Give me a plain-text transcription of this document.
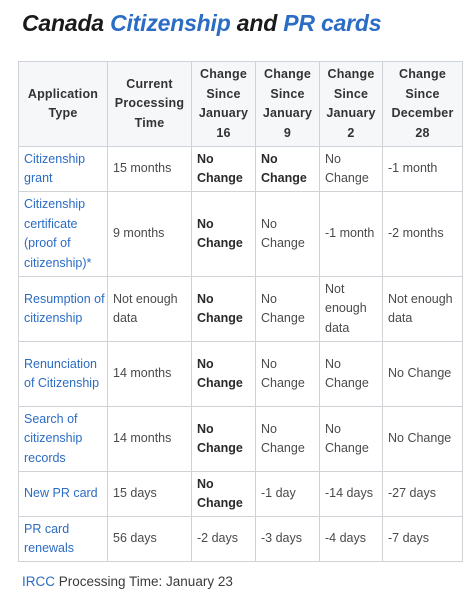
Canada Citizenship and PR cards
Application Type	Current Processing Time	Change Since January 16	Change Since January 9	Change Since January 2	Change Since December 28
Citizenship grant	15 months	No Change	No Change	No Change	-1 month
Citizenship certificate (proof of citizenship)*	9 months	No Change	No Change	-1 month	-2 months
Resumption of citizenship	Not enough data	No Change	No Change	Not enough data	Not enough data
Renunciation of Citizenship	14 months	No Change	No Change	No Change	No Change
Search of citizenship records	14 months	No Change	No Change	No Change	No Change
New PR card	15 days	No Change	-1 day	-14 days	-27 days
PR card renewals	56 days	-2 days	-3 days	-4 days	-7 days
IRCC Processing Time: January 23
